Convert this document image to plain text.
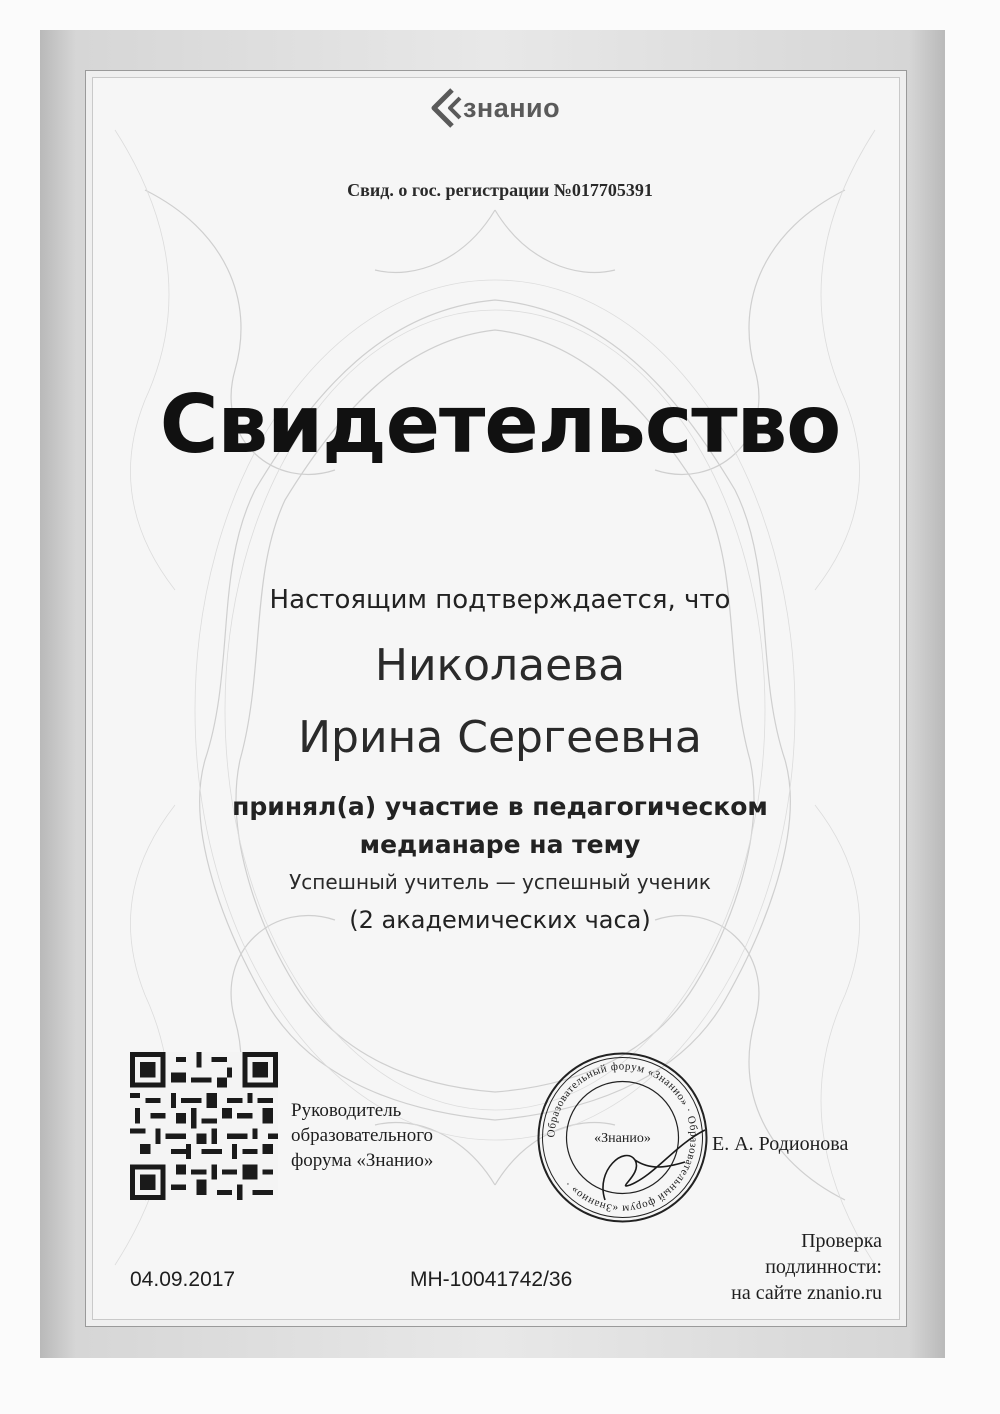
знанио
Свид. о гос. регистрации №017705391
Свидетельство
Настоящим подтверждается, что
Николаева
Ирина Сергеевна
принял(а) участие в педагогическом
медианаре на тему
Успешный учитель — успешный ученик
(2 академических часа)
Руководитель
образовательного
форума «Знанио»
Образовательный форум «Знанио» · Образовательный форум «Знанио» ·
«Знанио»	Е. А. Родионова
04.09.2017	МН-10041742/36
Проверка
подлинности:
на сайте znanio.ru
